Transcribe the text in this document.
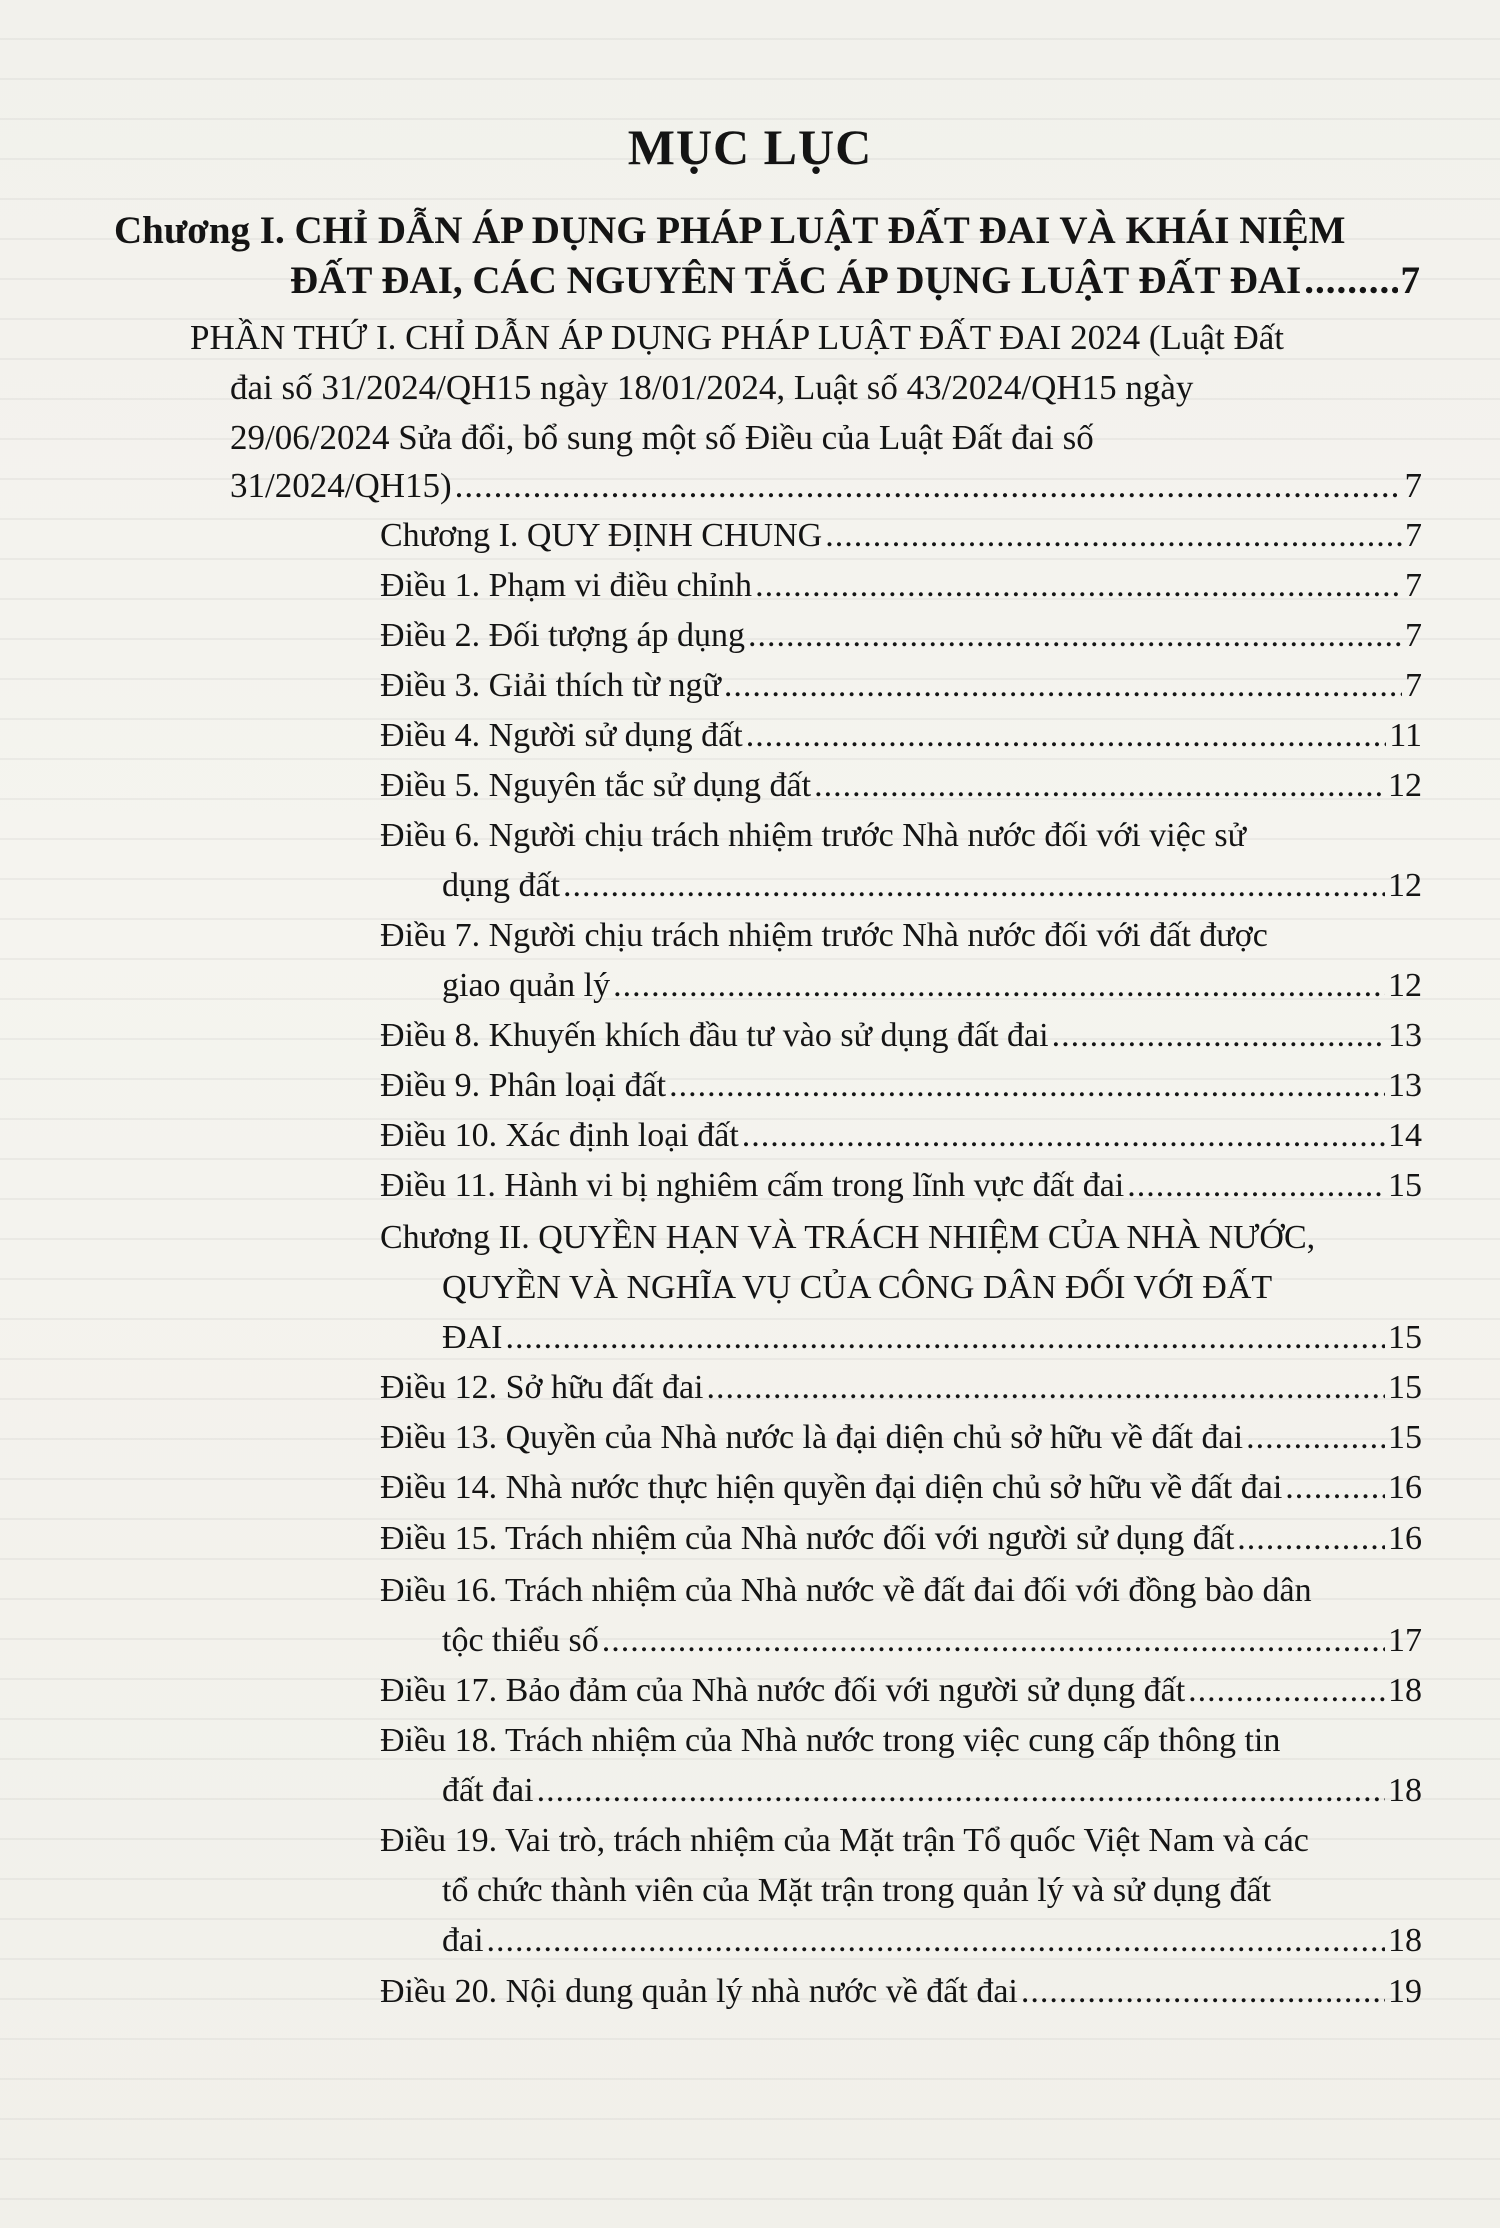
MỤC LỤC
Chương I. CHỈ DẪN ÁP DỤNG PHÁP LUẬT ĐẤT ĐAI VÀ KHÁI NIỆM
ĐẤT ĐAI, CÁC NGUYÊN TẮC ÁP DỤNG LUẬT ĐẤT ĐAI .....	7
PHẦN THỨ I. CHỈ DẪN ÁP DỤNG PHÁP LUẬT ĐẤT ĐAI 2024 (Luật Đất
đai số 31/2024/QH15 ngày 18/01/2024, Luật số 43/2024/QH15 ngày
29/06/2024 Sửa đổi, bổ sung một số Điều của Luật Đất đai số
31/2024/QH15) .....	7
Chương I. QUY ĐỊNH CHUNG .....	7
Điều 1. Phạm vi điều chỉnh .....	7
Điều 2. Đối tượng áp dụng .....	7
Điều 3. Giải thích từ ngữ .....	7
Điều 4. Người sử dụng đất .....	11
Điều 5. Nguyên tắc sử dụng đất .....	12
Điều 6. Người chịu trách nhiệm trước Nhà nước đối với việc sử
dụng đất .....	12
Điều 7. Người chịu trách nhiệm trước Nhà nước đối với đất được
giao quản lý .....	12
Điều 8. Khuyến khích đầu tư vào sử dụng đất đai .....	13
Điều 9. Phân loại đất .....	13
Điều 10. Xác định loại đất .....	14
Điều 11. Hành vi bị nghiêm cấm trong lĩnh vực đất đai .....	15
Chương II. QUYỀN HẠN VÀ TRÁCH NHIỆM CỦA NHÀ NƯỚC,
QUYỀN VÀ NGHĨA VỤ CỦA CÔNG DÂN ĐỐI VỚI ĐẤT
ĐAI .....	15
Điều 12. Sở hữu đất đai .....	15
Điều 13. Quyền của Nhà nước là đại diện chủ sở hữu về đất đai .....	15
Điều 14. Nhà nước thực hiện quyền đại diện chủ sở hữu về đất đai .....	16
Điều 15. Trách nhiệm của Nhà nước đối với người sử dụng đất .....	16
Điều 16. Trách nhiệm của Nhà nước về đất đai đối với đồng bào dân
tộc thiểu số .....	17
Điều 17. Bảo đảm của Nhà nước đối với người sử dụng đất .....	18
Điều 18. Trách nhiệm của Nhà nước trong việc cung cấp thông tin
đất đai .....	18
Điều 19. Vai trò, trách nhiệm của Mặt trận Tổ quốc Việt Nam và các
tổ chức thành viên của Mặt trận trong quản lý và sử dụng đất
đai .....	18
Điều 20. Nội dung quản lý nhà nước về đất đai .....	19
